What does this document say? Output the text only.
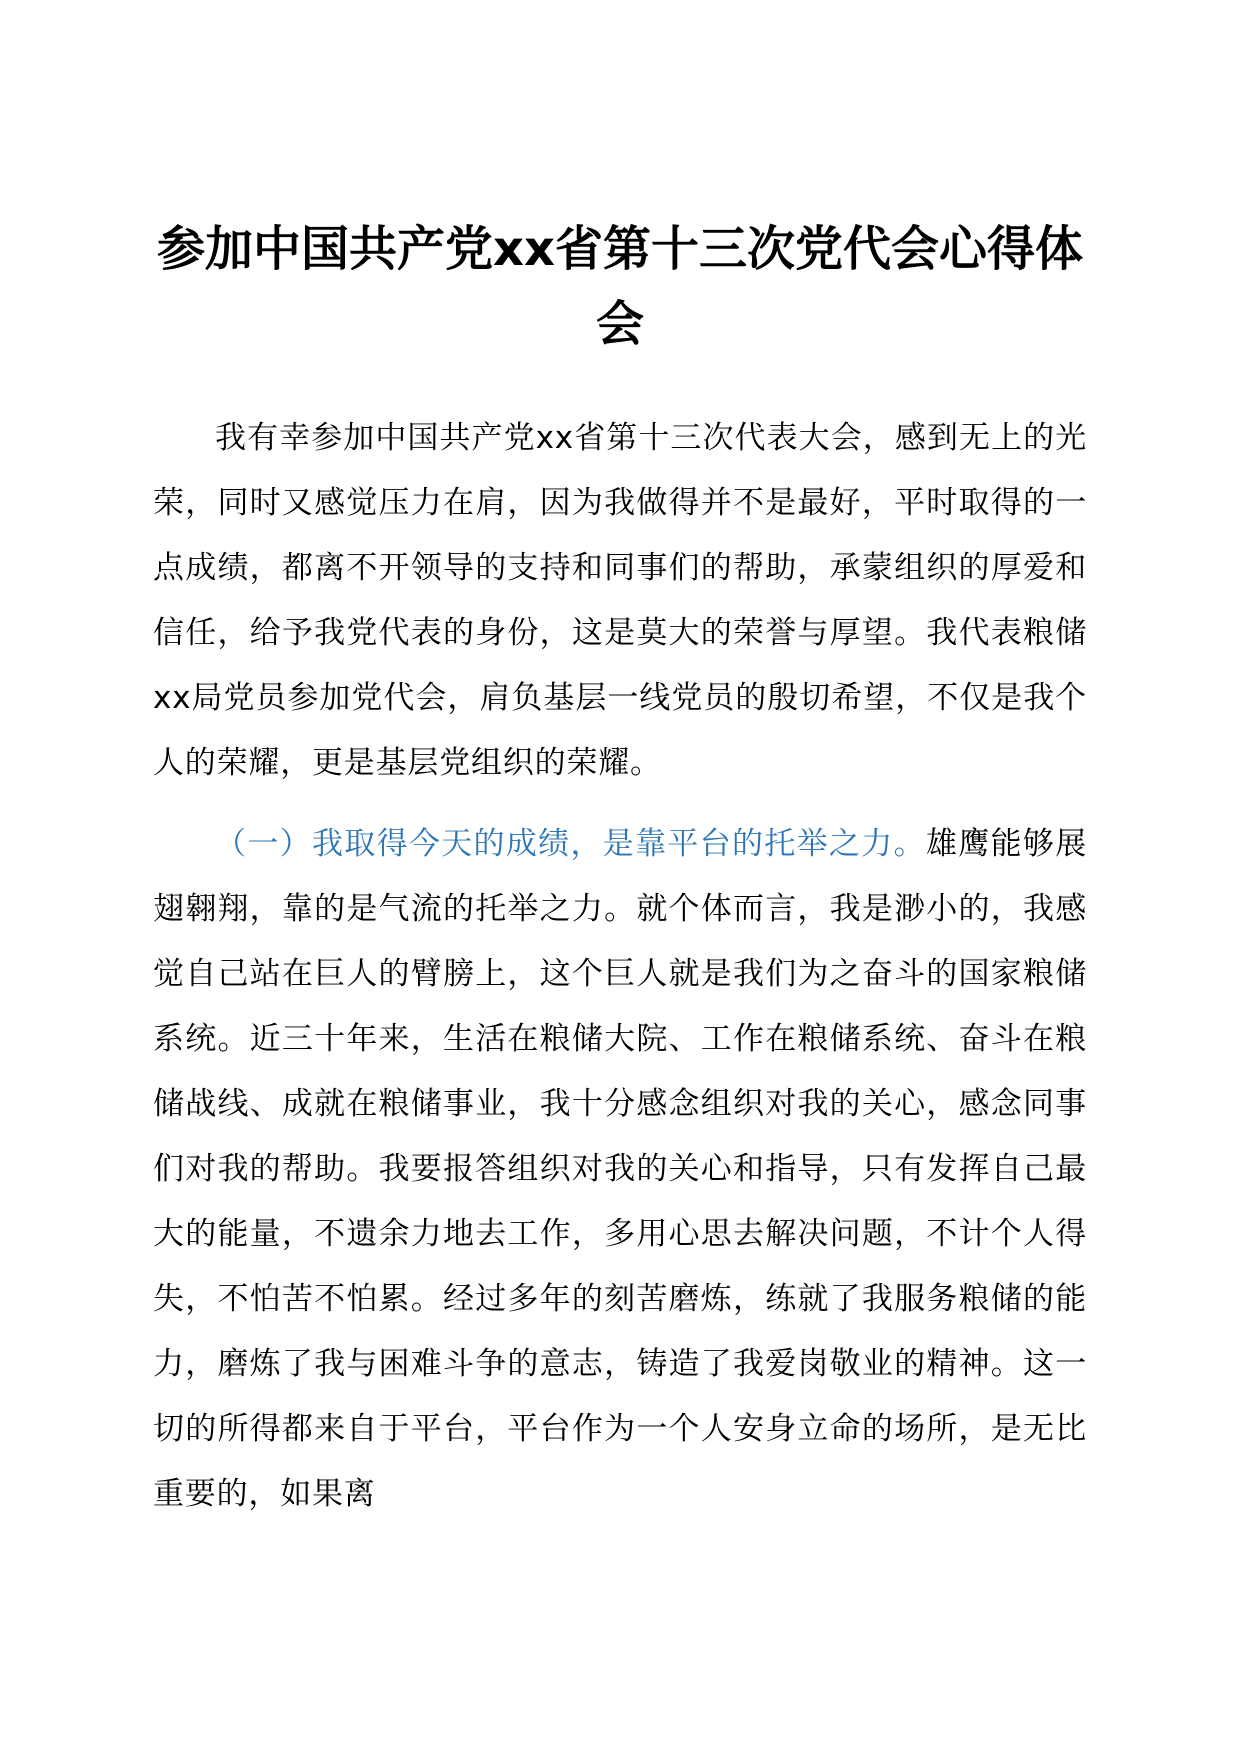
参加中国共产党xx省第十三次党代会心得体会

我有幸参加中国共产党xx省第十三次代表大会，感到无上的光荣，同时又感觉压力在肩，因为我做得并不是最好，平时取得的一点成绩，都离不开领导的支持和同事们的帮助，承蒙组织的厚爱和信任，给予我党代表的身份，这是莫大的荣誉与厚望。我代表粮储xx局党员参加党代会，肩负基层一线党员的殷切希望，不仅是我个人的荣耀，更是基层党组织的荣耀。

（一）我取得今天的成绩，是靠平台的托举之力。雄鹰能够展翅翱翔，靠的是气流的托举之力。就个体而言，我是渺小的，我感觉自己站在巨人的臂膀上，这个巨人就是我们为之奋斗的国家粮储系统。近三十年来，生活在粮储大院、工作在粮储系统、奋斗在粮储战线、成就在粮储事业，我十分感念组织对我的关心，感念同事们对我的帮助。我要报答组织对我的关心和指导，只有发挥自己最大的能量，不遗余力地去工作，多用心思去解决问题，不计个人得失，不怕苦不怕累。经过多年的刻苦磨炼，练就了我服务粮储的能力，磨炼了我与困难斗争的意志，铸造了我爱岗敬业的精神。这一切的所得都来自于平台，平台作为一个人安身立命的场所，是无比重要的，如果离
